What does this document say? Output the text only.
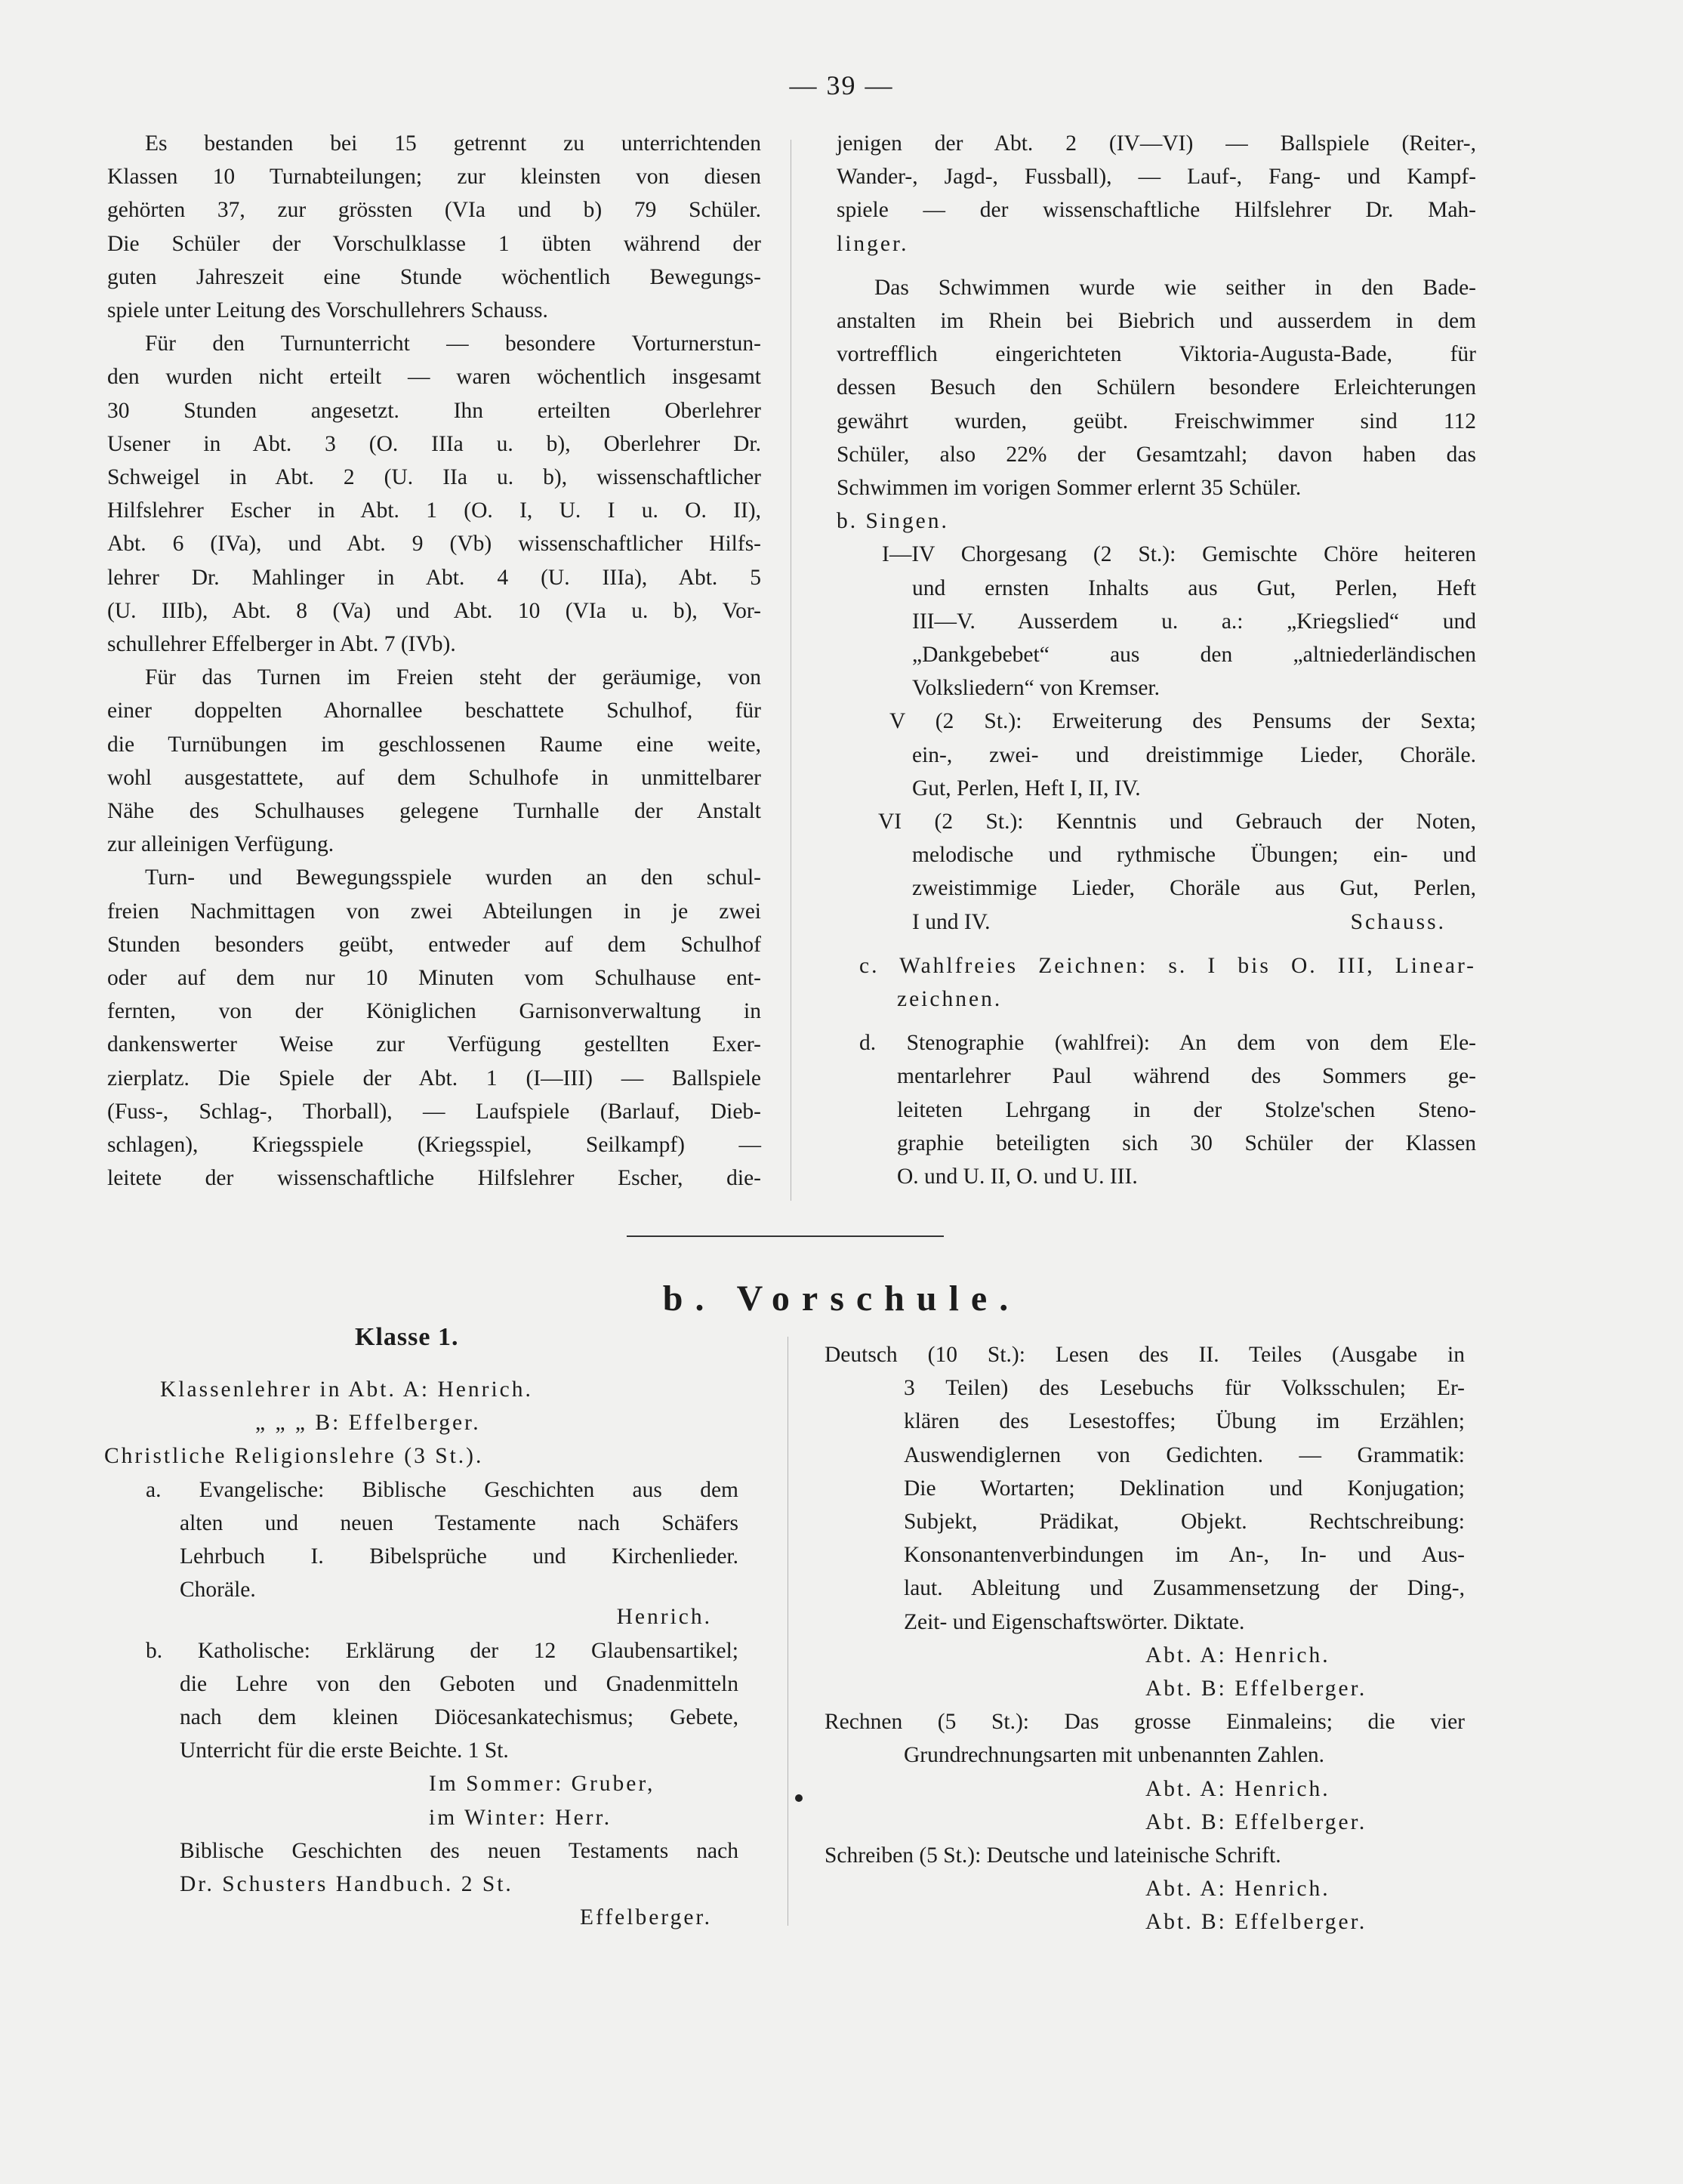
— 39 —

Es bestanden bei 15 getrennt zu unterrichtenden

Klassen 10 Turnabteilungen; zur kleinsten von diesen

gehörten 37, zur grössten (VIa und b) 79 Schüler.

Die Schüler der Vorschulklasse 1 übten während der

guten Jahreszeit eine Stunde wöchentlich Bewegungs-

spiele unter Leitung des Vorschullehrers Schauss.

Für den Turnunterricht — besondere Vorturnerstun-

den wurden nicht erteilt — waren wöchentlich insgesamt

30 Stunden angesetzt. Ihn erteilten Oberlehrer

Usener in Abt. 3 (O. IIIa u. b), Oberlehrer Dr.

Schweigel in Abt. 2 (U. IIa u. b), wissenschaftlicher

Hilfslehrer Escher in Abt. 1 (O. I, U. I u. O. II),

Abt. 6 (IVa), und Abt. 9 (Vb) wissenschaftlicher Hilfs-

lehrer Dr. Mahlinger in Abt. 4 (U. IIIa), Abt. 5

(U. IIIb), Abt. 8 (Va) und Abt. 10 (VIa u. b), Vor-

schullehrer Effelberger in Abt. 7 (IVb).

Für das Turnen im Freien steht der geräumige, von

einer doppelten Ahornallee beschattete Schulhof, für

die Turnübungen im geschlossenen Raume eine weite,

wohl ausgestattete, auf dem Schulhofe in unmittelbarer

Nähe des Schulhauses gelegene Turnhalle der Anstalt

zur alleinigen Verfügung.

Turn- und Bewegungsspiele wurden an den schul-

freien Nachmittagen von zwei Abteilungen in je zwei

Stunden besonders geübt, entweder auf dem Schulhof

oder auf dem nur 10 Minuten vom Schulhause ent-

fernten, von der Königlichen Garnisonverwaltung in

dankenswerter Weise zur Verfügung gestellten Exer-

zierplatz. Die Spiele der Abt. 1 (I—III) — Ballspiele

(Fuss-, Schlag-, Thorball), — Laufspiele (Barlauf, Dieb-

schlagen), Kriegsspiele (Kriegsspiel, Seilkampf) —

leitete der wissenschaftliche Hilfslehrer Escher, die-

jenigen der Abt. 2 (IV—VI) — Ballspiele (Reiter-,

Wander-, Jagd-, Fussball), — Lauf-, Fang- und Kampf-

spiele — der wissenschaftliche Hilfslehrer Dr. Mah-

linger.

Das Schwimmen wurde wie seither in den Bade-

anstalten im Rhein bei Biebrich und ausserdem in dem

vortrefflich eingerichteten Viktoria-Augusta-Bade, für

dessen Besuch den Schülern besondere Erleichterungen

gewährt wurden, geübt. Freischwimmer sind 112

Schüler, also 22% der Gesamtzahl; davon haben das

Schwimmen im vorigen Sommer erlernt 35 Schüler.

b. Singen.

I—IV Chorgesang (2 St.): Gemischte Chöre heiteren

und ernsten Inhalts aus Gut, Perlen, Heft

III—V. Ausserdem u. a.: „Kriegslied“ und

„Dankgebebet“ aus den „altniederländischen

Volksliedern“ von Kremser.

V (2 St.): Erweiterung des Pensums der Sexta;

ein-, zwei- und dreistimmige Lieder, Choräle.

Gut, Perlen, Heft I, II, IV.

VI (2 St.): Kenntnis und Gebrauch der Noten,

melodische und rythmische Übungen; ein- und

zweistimmige Lieder, Choräle aus Gut, Perlen,

I und IV.	Schauss.

c. Wahlfreies Zeichnen: s. I bis O. III, Linear-

zeichnen.

d. Stenographie (wahlfrei): An dem von dem Ele-

mentarlehrer Paul während des Sommers ge-

leiteten Lehrgang in der Stolze'schen Steno-

graphie beteiligten sich 30 Schüler der Klassen

O. und U. II, O. und U. III.

b. Vorschule.
Klasse 1.

Klassenlehrer in Abt. A: Henrich.

„ „ „ B: Effelberger.

Christliche Religionslehre (3 St.).

a. Evangelische: Biblische Geschichten aus dem

alten und neuen Testamente nach Schäfers

Lehrbuch I. Bibelsprüche und Kirchenlieder.

Choräle.

Henrich.

b. Katholische: Erklärung der 12 Glaubensartikel;

die Lehre von den Geboten und Gnadenmitteln

nach dem kleinen Diöcesankatechismus; Gebete,

Unterricht für die erste Beichte. 1 St.

Im Sommer: Gruber,

im Winter: Herr.

Biblische Geschichten des neuen Testaments nach

Dr. Schusters Handbuch. 2 St.

Effelberger.

Deutsch (10 St.): Lesen des II. Teiles (Ausgabe in

3 Teilen) des Lesebuchs für Volksschulen; Er-

klären des Lesestoffes; Übung im Erzählen;

Auswendiglernen von Gedichten. — Grammatik:

Die Wortarten; Deklination und Konjugation;

Subjekt, Prädikat, Objekt. Rechtschreibung:

Konsonantenverbindungen im An-, In- und Aus-

laut. Ableitung und Zusammensetzung der Ding-,

Zeit- und Eigenschaftswörter. Diktate.

Abt. A: Henrich.

Abt. B: Effelberger.

Rechnen (5 St.): Das grosse Einmaleins; die vier

Grundrechnungsarten mit unbenannten Zahlen.

Abt. A: Henrich.

Abt. B: Effelberger.

Schreiben (5 St.): Deutsche und lateinische Schrift.

Abt. A: Henrich.

Abt. B: Effelberger.
